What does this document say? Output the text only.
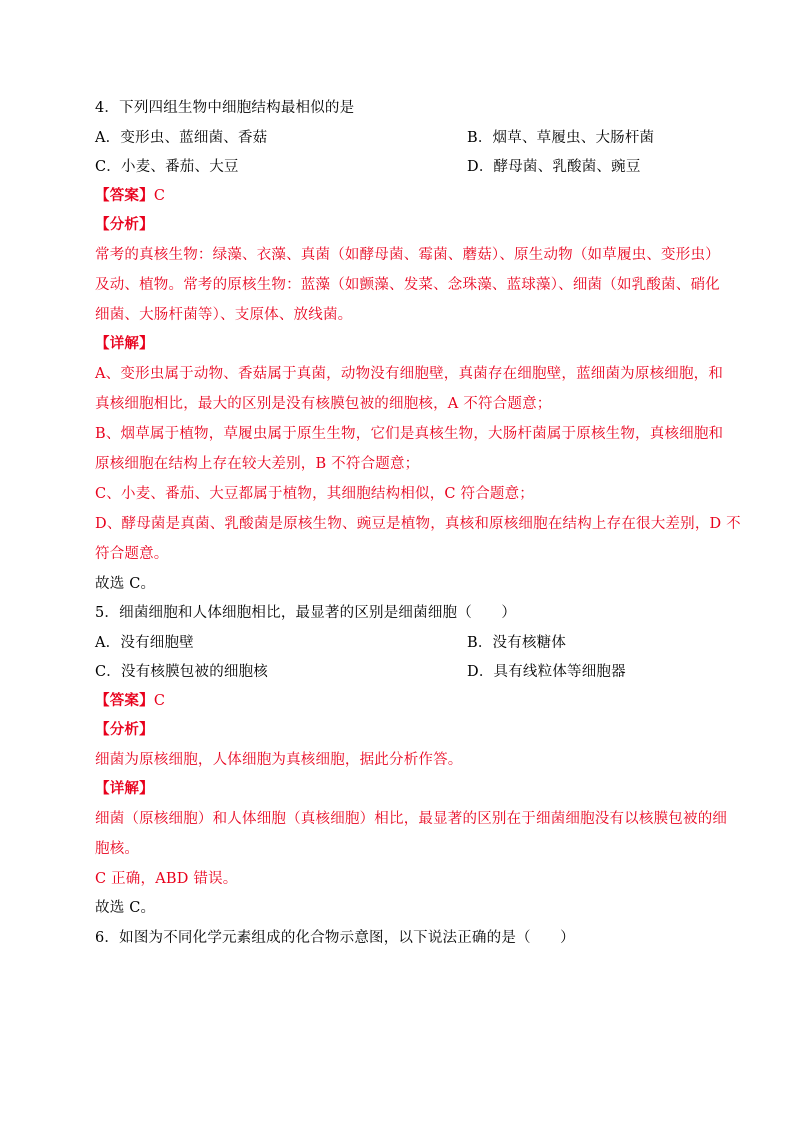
4．下列四组生物中细胞结构最相似的是
A．变形虫、蓝细菌、香菇	B．烟草、草履虫、大肠杆菌
C．小麦、番茄、大豆	D．酵母菌、乳酸菌、豌豆
【答案】C
【分析】
常考的真核生物：绿藻、衣藻、真菌（如酵母菌、霉菌、蘑菇）、原生动物（如草履虫、变形虫）
及动、植物。常考的原核生物：蓝藻（如颤藻、发菜、念珠藻、蓝球藻）、细菌（如乳酸菌、硝化
细菌、大肠杆菌等）、支原体、放线菌。
【详解】
A、变形虫属于动物、香菇属于真菌，动物没有细胞壁，真菌存在细胞壁，蓝细菌为原核细胞，和
真核细胞相比，最大的区别是没有核膜包被的细胞核，A 不符合题意；
B、烟草属于植物，草履虫属于原生生物，它们是真核生物，大肠杆菌属于原核生物，真核细胞和
原核细胞在结构上存在较大差别，B 不符合题意；
C、小麦、番茄、大豆都属于植物，其细胞结构相似，C 符合题意；
D、酵母菌是真菌、乳酸菌是原核生物、豌豆是植物，真核和原核细胞在结构上存在很大差别，D 不
符合题意。
故选 C。
5．细菌细胞和人体细胞相比，最显著的区别是细菌细胞（　　）
A．没有细胞壁	B．没有核糖体
C．没有核膜包被的细胞核	D．具有线粒体等细胞器
【答案】C
【分析】
细菌为原核细胞，人体细胞为真核细胞，据此分析作答。
【详解】
细菌（原核细胞）和人体细胞（真核细胞）相比，最显著的区别在于细菌细胞没有以核膜包被的细
胞核。
C 正确，ABD 错误。
故选 C。
6．如图为不同化学元素组成的化合物示意图，以下说法正确的是（　　）
